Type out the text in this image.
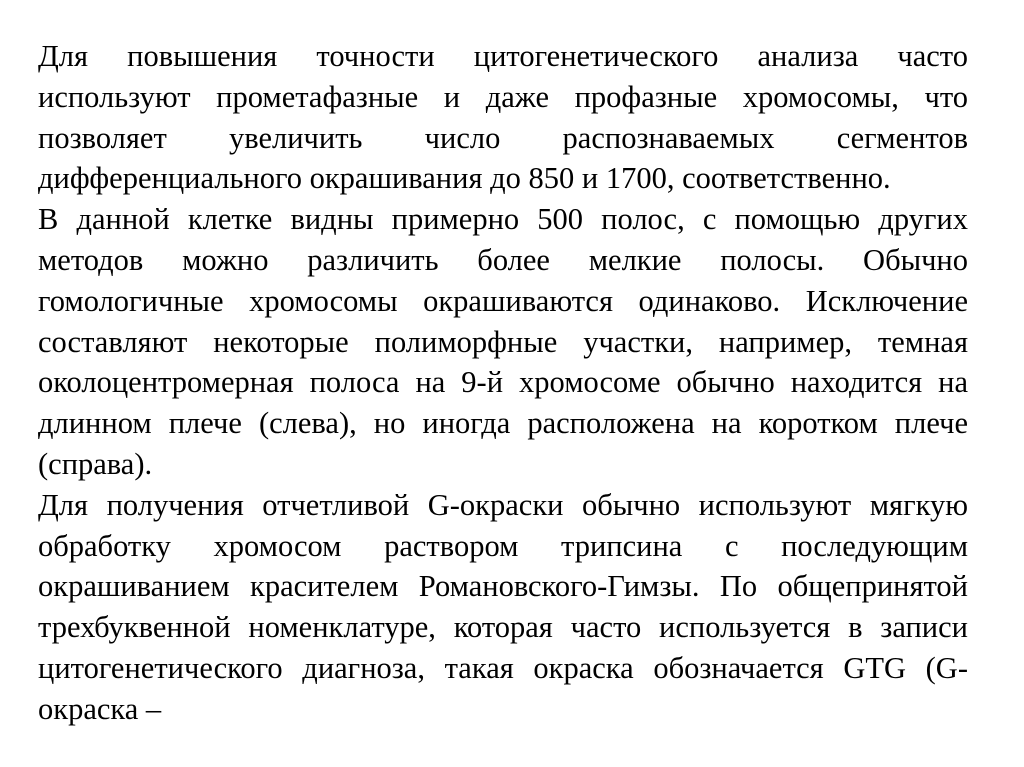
Для повышения точности цитогенетического анализа часто используют прометафазные и даже профазные хромосомы, что позволяет увеличить число распознаваемых сегментов дифференциального окрашивания до 850 и 1700, соответственно.

В данной клетке видны примерно 500 полос, с помощью других методов можно различить более мелкие полосы. Обычно гомологичные хромосомы окрашиваются одинаково. Исключение составляют некоторые полиморфные участки, например, темная околоцентромерная полоса на 9-й хромосоме обычно находится на длинном плече (слева), но иногда расположена на коротком плече (справа).

Для получения отчетливой G-окраски обычно используют мягкую обработку хромосом раствором трипсина с последующим окрашиванием красителем Романовского-Гимзы. По общепринятой трехбуквенной номенклатуре, которая часто используется в записи цитогенетического диагноза, такая окраска обозначается GTG (G-окраска –
